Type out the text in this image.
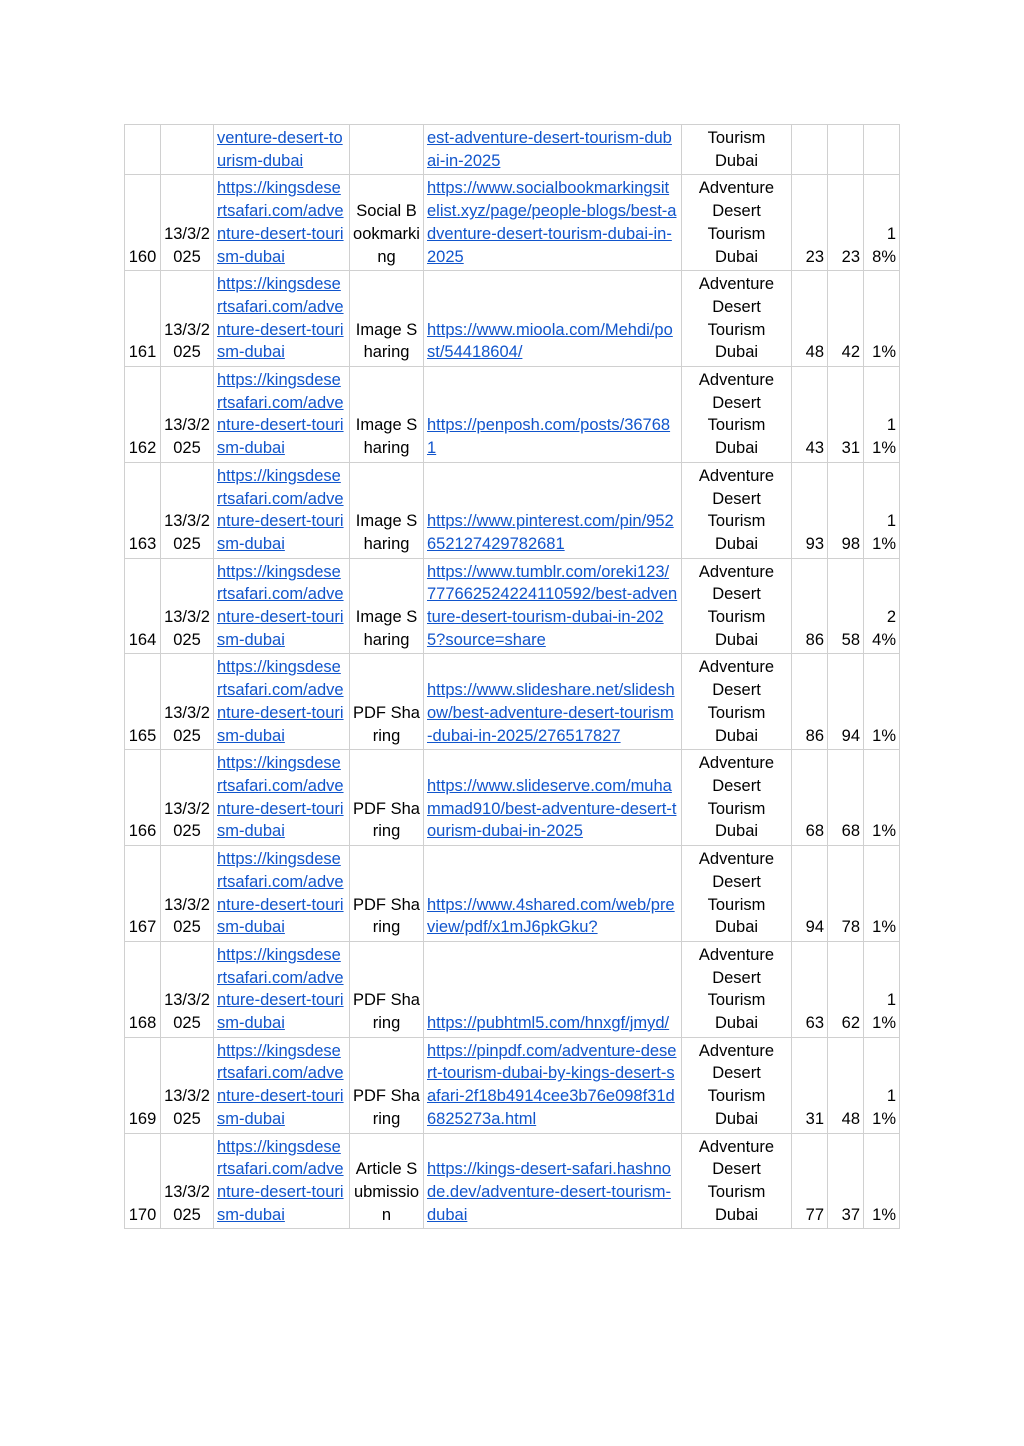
		venture-desert-tourism-dubai		est-adventure-desert-tourism-dubai-in-2025	Tourism Dubai			
160	13/3/2025	https://kingsdesertsafari.com/adventure-desert-tourism-dubai	Social Bookmarking	https://www.socialbookmarkingsitelist.xyz/page/people-blogs/best-adventure-desert-tourism-dubai-in-2025	Adventure Desert Tourism Dubai	23	23	18%
161	13/3/2025	https://kingsdesertsafari.com/adventure-desert-tourism-dubai	Image Sharing	https://www.mioola.com/Mehdi/post/54418604/	Adventure Desert Tourism Dubai	48	42	1%
162	13/3/2025	https://kingsdesertsafari.com/adventure-desert-tourism-dubai	Image Sharing	https://penposh.com/posts/367681	Adventure Desert Tourism Dubai	43	31	11%
163	13/3/2025	https://kingsdesertsafari.com/adventure-desert-tourism-dubai	Image Sharing	https://www.pinterest.com/pin/952652127429782681	Adventure Desert Tourism Dubai	93	98	11%
164	13/3/2025	https://kingsdesertsafari.com/adventure-desert-tourism-dubai	Image Sharing	https://www.tumblr.com/oreki123/777662524224110592/best-adventure-desert-tourism-dubai-in-2025?source=share	Adventure Desert Tourism Dubai	86	58	24%
165	13/3/2025	https://kingsdesertsafari.com/adventure-desert-tourism-dubai	PDF Sharing	https://www.slideshare.net/slideshow/best-adventure-desert-tourism-dubai-in-2025/276517827	Adventure Desert Tourism Dubai	86	94	1%
166	13/3/2025	https://kingsdesertsafari.com/adventure-desert-tourism-dubai	PDF Sharing	https://www.slideserve.com/muhammad910/best-adventure-desert-tourism-dubai-in-2025	Adventure Desert Tourism Dubai	68	68	1%
167	13/3/2025	https://kingsdesertsafari.com/adventure-desert-tourism-dubai	PDF Sharing	https://www.4shared.com/web/preview/pdf/x1mJ6pkGku?	Adventure Desert Tourism Dubai	94	78	1%
168	13/3/2025	https://kingsdesertsafari.com/adventure-desert-tourism-dubai	PDF Sharing	https://pubhtml5.com/hnxgf/jmyd/	Adventure Desert Tourism Dubai	63	62	11%
169	13/3/2025	https://kingsdesertsafari.com/adventure-desert-tourism-dubai	PDF Sharing	https://pinpdf.com/adventure-desert-tourism-dubai-by-kings-desert-safari-2f18b4914cee3b76e098f31d6825273a.html	Adventure Desert Tourism Dubai	31	48	11%
170	13/3/2025	https://kingsdesertsafari.com/adventure-desert-tourism-dubai	Article Submission	https://kings-desert-safari.hashnode.dev/adventure-desert-tourism-dubai	Adventure Desert Tourism Dubai	77	37	1%
